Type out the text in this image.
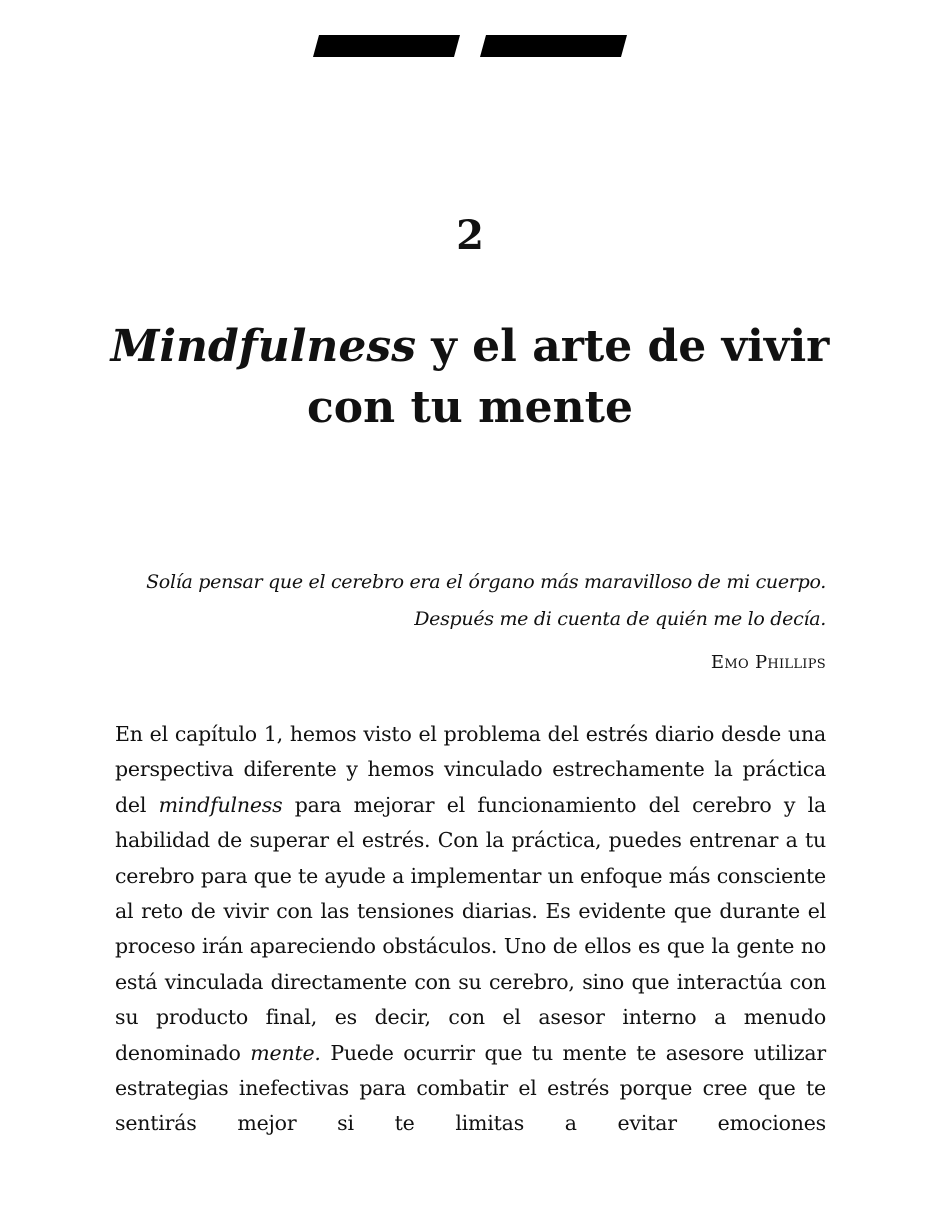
2
Mindfulness y el arte de vivir
con tu mente
Solía pensar que el cerebro era el órgano más maravilloso de mi cuerpo.
Después me di cuenta de quién me lo decía.
Emo Phillips

En el capítulo 1, hemos visto el problema del estrés diario desde una perspectiva diferente y hemos vinculado estrechamente la práctica del mindfulness para mejorar el funcionamiento del cerebro y la habilidad de superar el estrés. Con la práctica, puedes entrenar a tu cerebro para que te ayude a implementar un enfoque más consciente al reto de vivir con las tensiones diarias. Es evidente que durante el proceso irán apareciendo obstáculos. Uno de ellos es que la gente no está vinculada directamente con su cerebro, sino que interactúa con su producto final, es decir, con el asesor interno a menudo denominado mente. Puede ocurrir que tu mente te asesore utilizar estrategias inefectivas para combatir el estrés porque cree que te sentirás mejor si te limitas a evitar emociones
